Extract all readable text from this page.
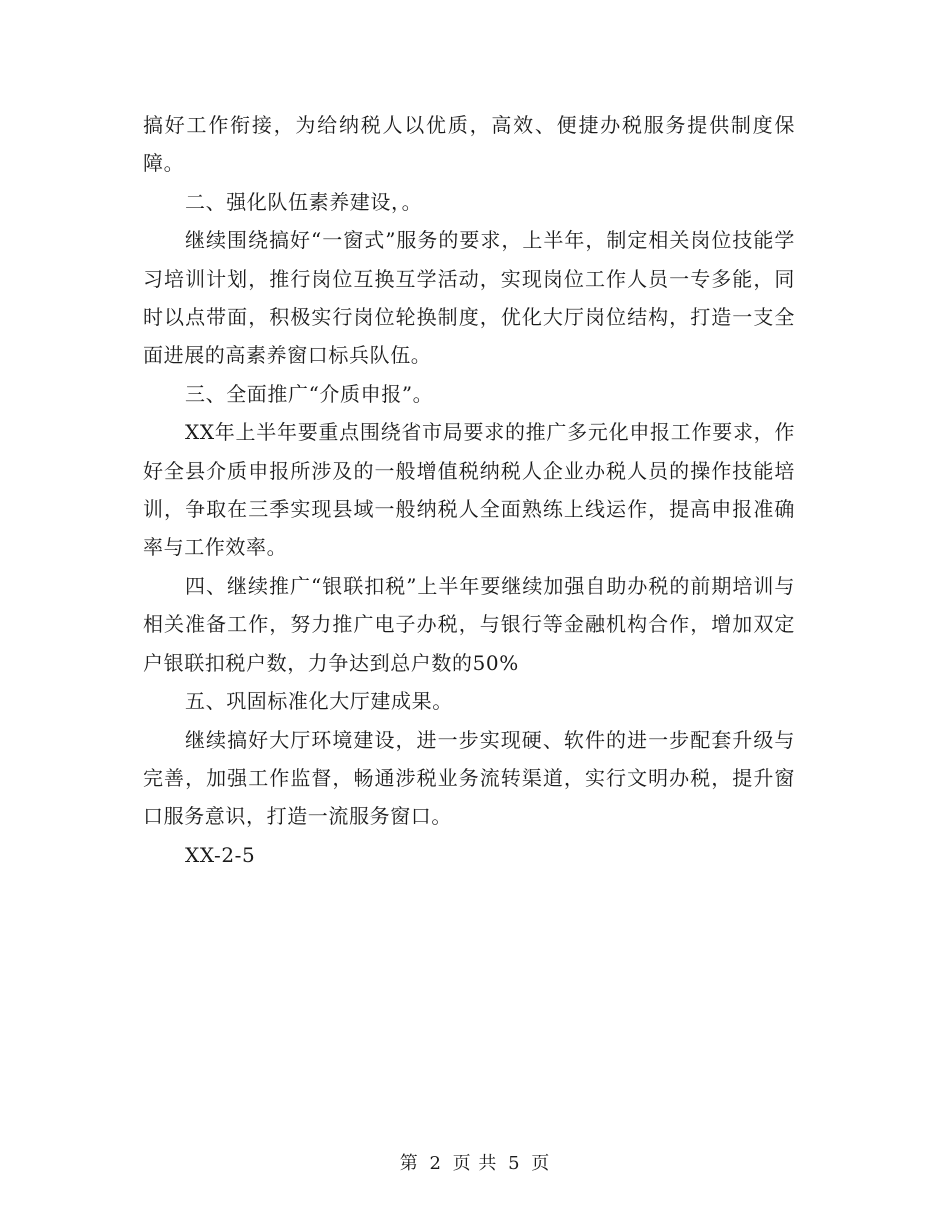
搞好工作衔接，为给纳税人以优质，高效、便捷办税服务提供制度保障。

二、强化队伍素养建设，。

继续围绕搞好“一窗式”服务的要求，上半年，制定相关岗位技能学习培训计划，推行岗位互换互学活动，实现岗位工作人员一专多能，同时以点带面，积极实行岗位轮换制度，优化大厅岗位结构，打造一支全面进展的高素养窗口标兵队伍。

三、全面推广“介质申报”。

XX年上半年要重点围绕省市局要求的推广多元化申报工作要求，作好全县介质申报所涉及的一般增值税纳税人企业办税人员的操作技能培训，争取在三季实现县域一般纳税人全面熟练上线运作，提高申报准确率与工作效率。

四、继续推广“银联扣税”上半年要继续加强自助办税的前期培训与相关准备工作，努力推广电子办税，与银行等金融机构合作，增加双定户银联扣税户数，力争达到总户数的50%

五、巩固标准化大厅建成果。

继续搞好大厅环境建设，进一步实现硬、软件的进一步配套升级与完善，加强工作监督，畅通涉税业务流转渠道，实行文明办税，提升窗口服务意识，打造一流服务窗口。

XX-2-5

第 2 页 共 5 页
